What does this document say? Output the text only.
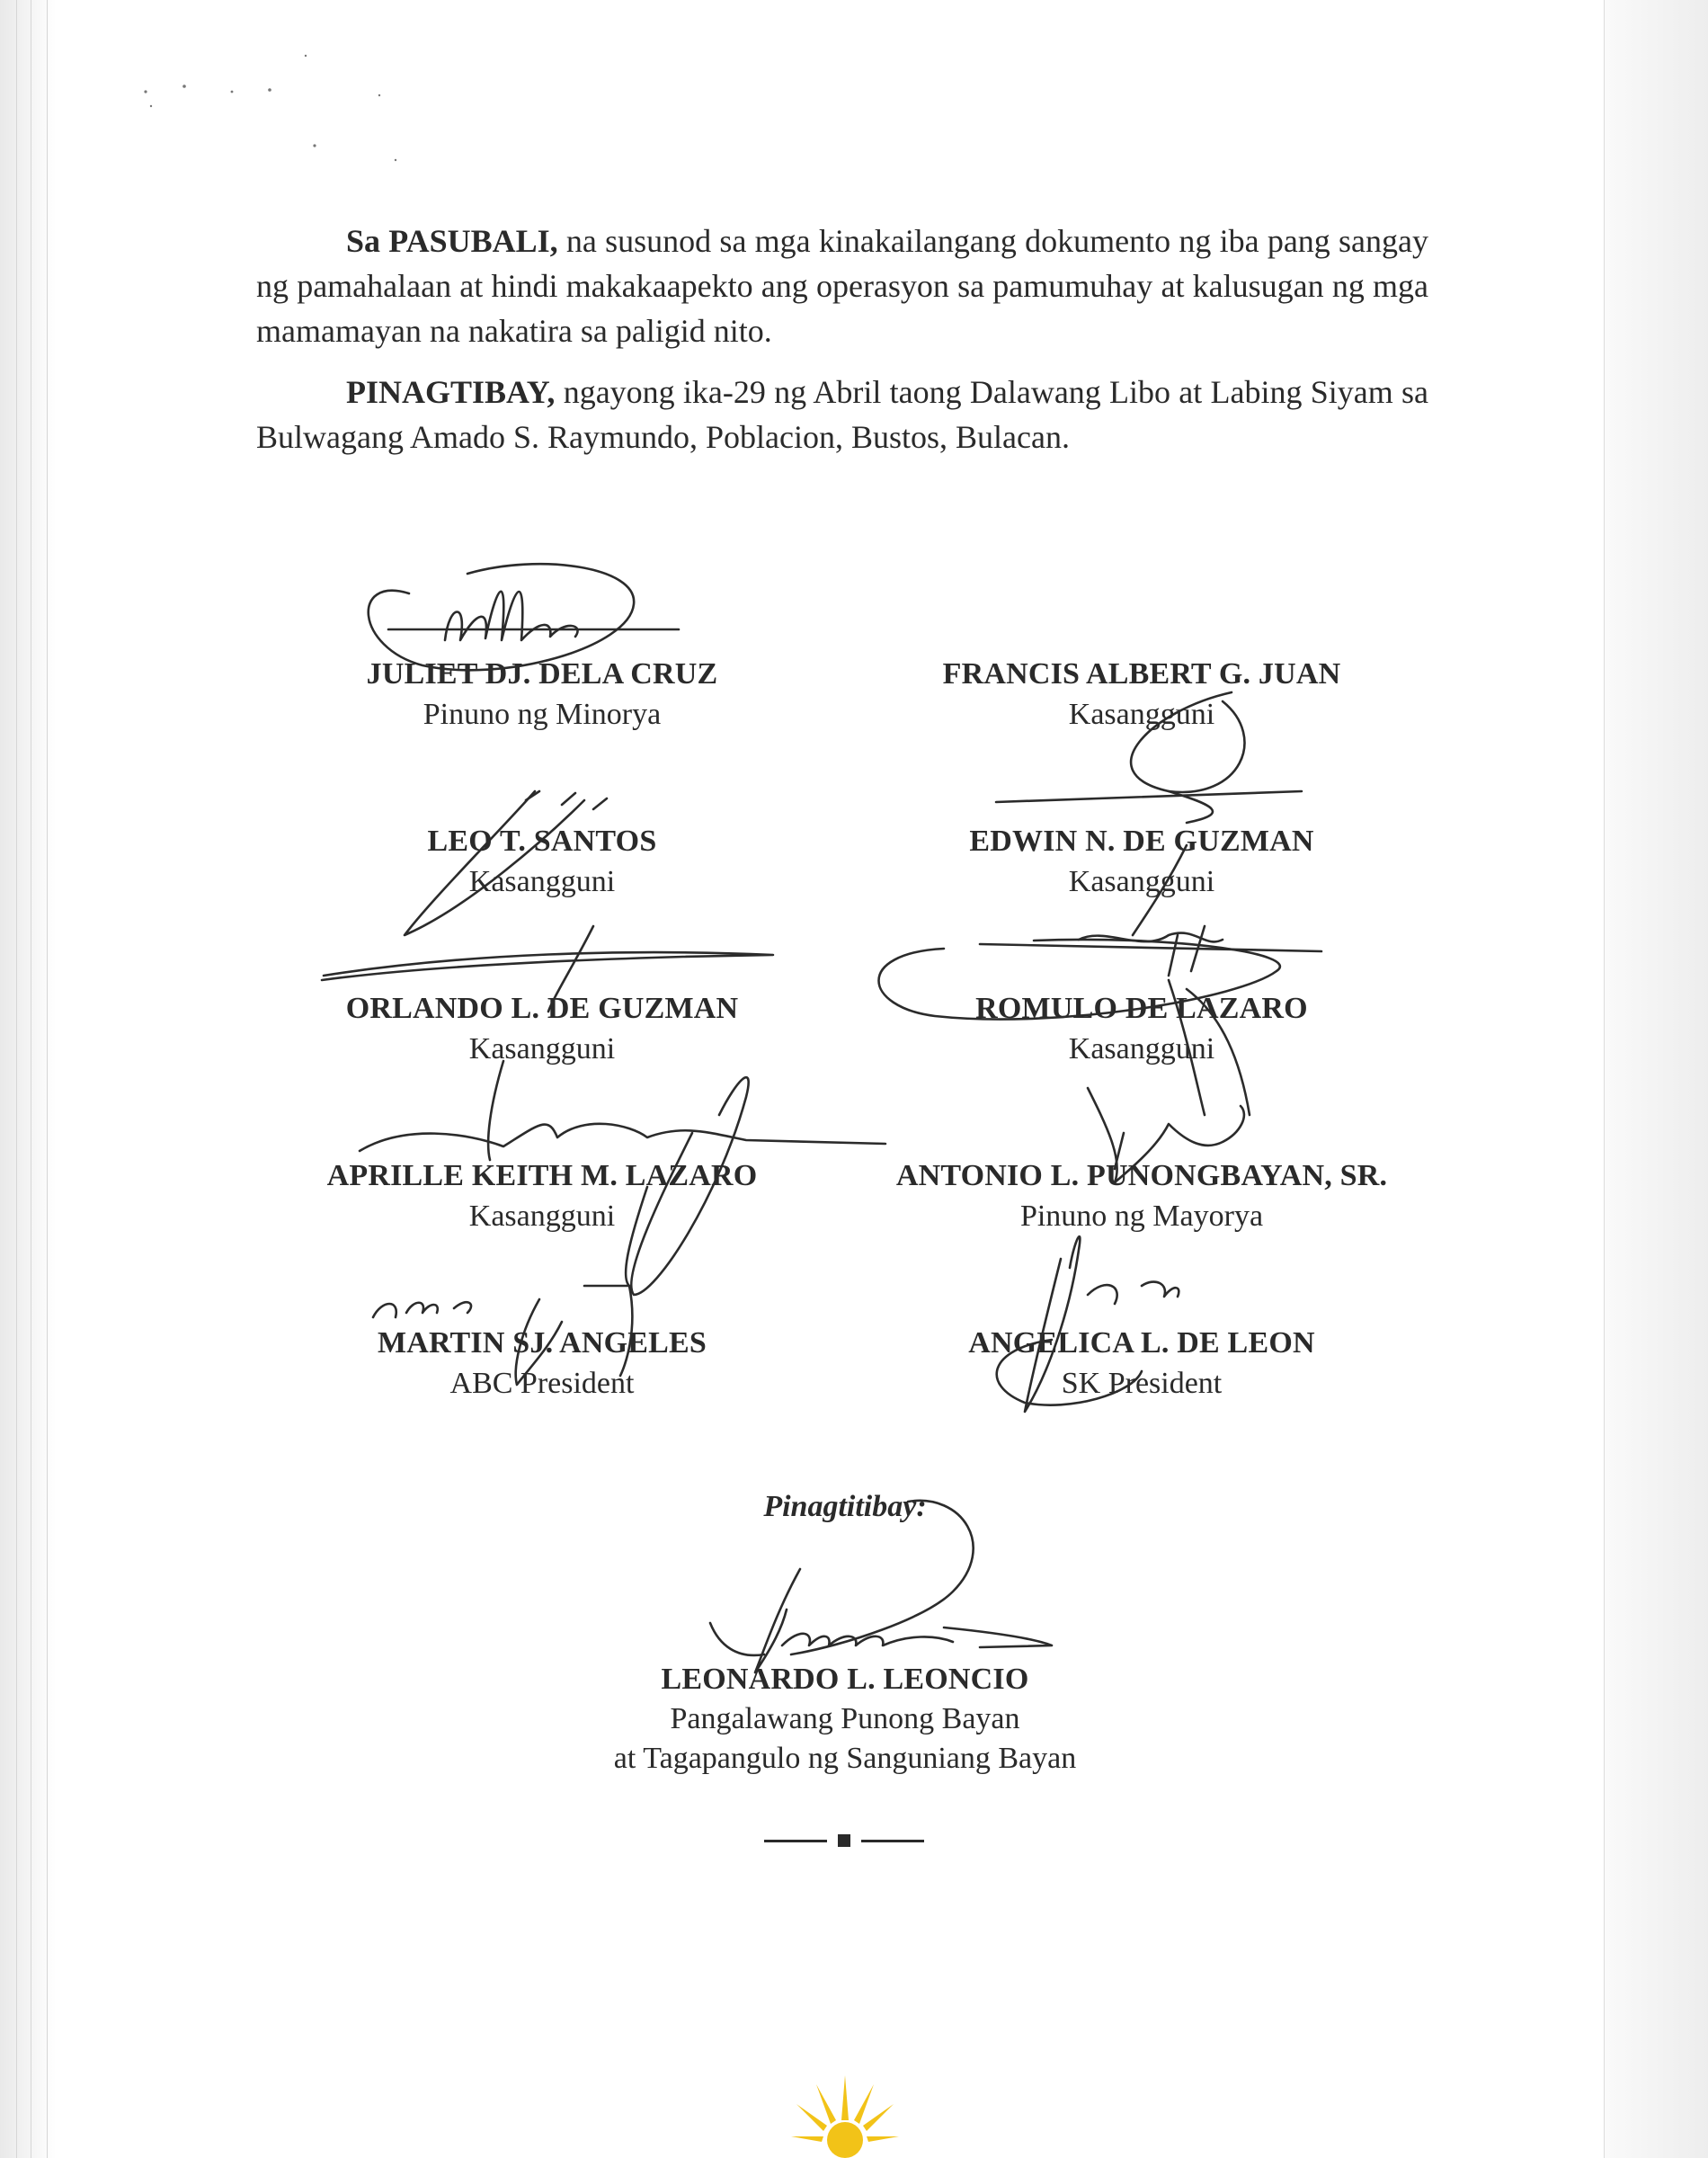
Sa PASUBALI, na susunod sa mga kinakailangang dokumento ng iba pang sangay ng pamahalaan at hindi makakaapekto ang operasyon sa pamumuhay at kalusugan ng mga mamamayan na nakatira sa paligid nito.

PINAGTIBAY, ngayong ika-29 ng Abril taong Dalawang Libo at Labing Siyam sa Bulwagang Amado S. Raymundo, Poblacion, Bustos, Bulacan.

JULIET DJ. DELA CRUZ
Pinuno ng Minorya
FRANCIS ALBERT G. JUAN
Kasangguni
LEO T. SANTOS
Kasangguni
EDWIN N. DE GUZMAN
Kasangguni
ORLANDO L. DE GUZMAN
Kasangguni
ROMULO DE LAZARO
Kasangguni
APRILLE KEITH M. LAZARO
Kasangguni
ANTONIO L. PUNONGBAYAN, SR.
Pinuno ng Mayorya
MARTIN SJ. ANGELES
ABC President
ANGELICA L. DE LEON
SK President
Pinagtitibay:
LEONARDO L. LEONCIO
Pangalawang Punong Bayan
at Tagapangulo ng Sanguniang Bayan
